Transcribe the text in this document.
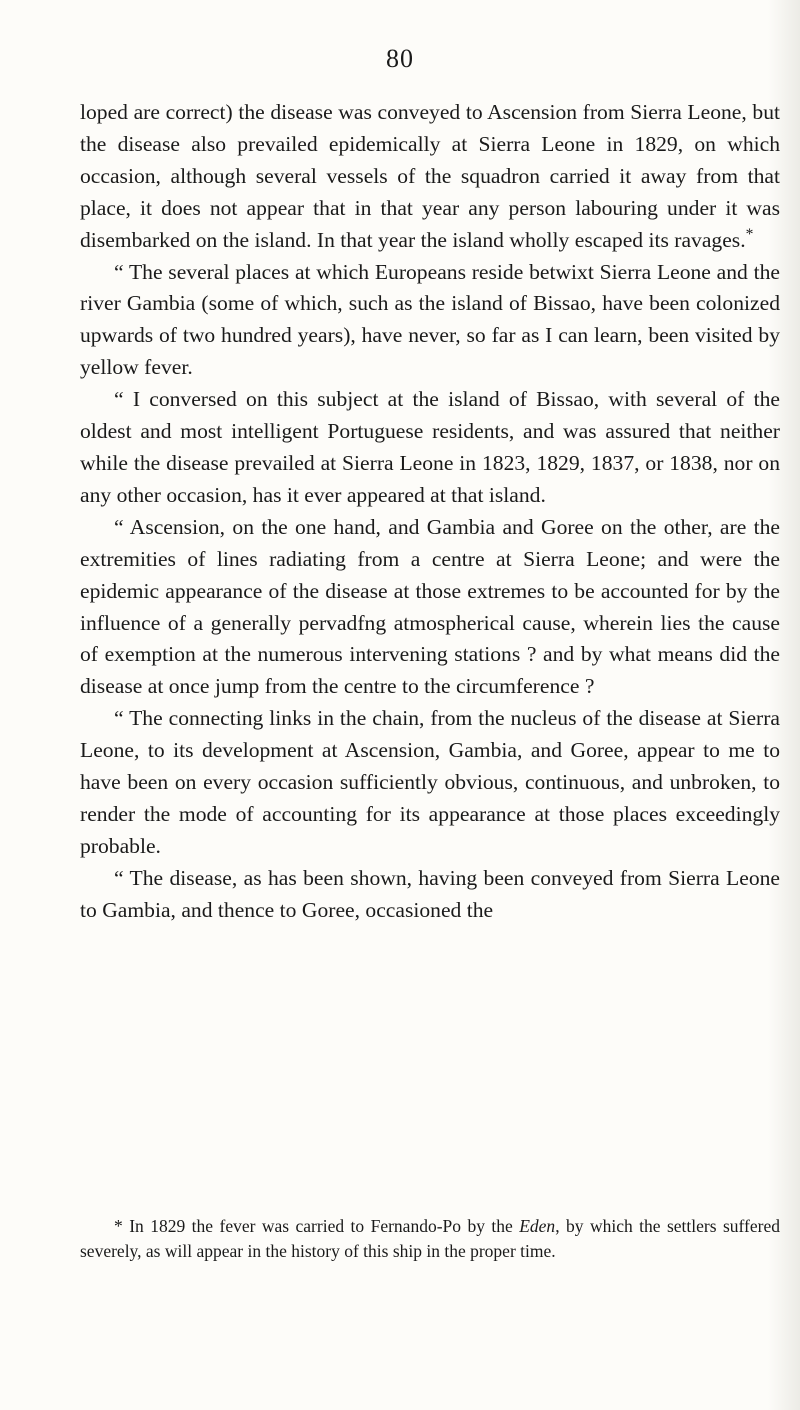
80

loped are correct) the disease was conveyed to Ascension from Sierra Leone, but the disease also prevailed epidemically at Sierra Leone in 1829, on which occasion, although several vessels of the squadron carried it away from that place, it does not appear that in that year any person labouring under it was disembarked on the island. In that year the island wholly escaped its ravages.*

“ The several places at which Europeans reside betwixt Sierra Leone and the river Gambia (some of which, such as the island of Bissao, have been colonized upwards of two hundred years), have never, so far as I can learn, been visited by yellow fever.

“ I conversed on this subject at the island of Bissao, with several of the oldest and most intelligent Portuguese residents, and was assured that neither while the disease prevailed at Sierra Leone in 1823, 1829, 1837, or 1838, nor on any other occasion, has it ever appeared at that island.

“ Ascension, on the one hand, and Gambia and Goree on the other, are the extremities of lines radiating from a centre at Sierra Leone; and were the epidemic appearance of the disease at those extremes to be accounted for by the influence of a generally pervadfng atmospherical cause, wherein lies the cause of exemption at the numerous intervening stations ? and by what means did the disease at once jump from the centre to the circumference ?

“ The connecting links in the chain, from the nucleus of the disease at Sierra Leone, to its development at Ascension, Gambia, and Goree, appear to me to have been on every occasion sufficiently obvious, continuous, and unbroken, to render the mode of accounting for its appearance at those places exceedingly probable.

“ The disease, as has been shown, having been conveyed from Sierra Leone to Gambia, and thence to Goree, occasioned the

* In 1829 the fever was carried to Fernando-Po by the Eden, by which the settlers suffered severely, as will appear in the history of this ship in the proper time.
